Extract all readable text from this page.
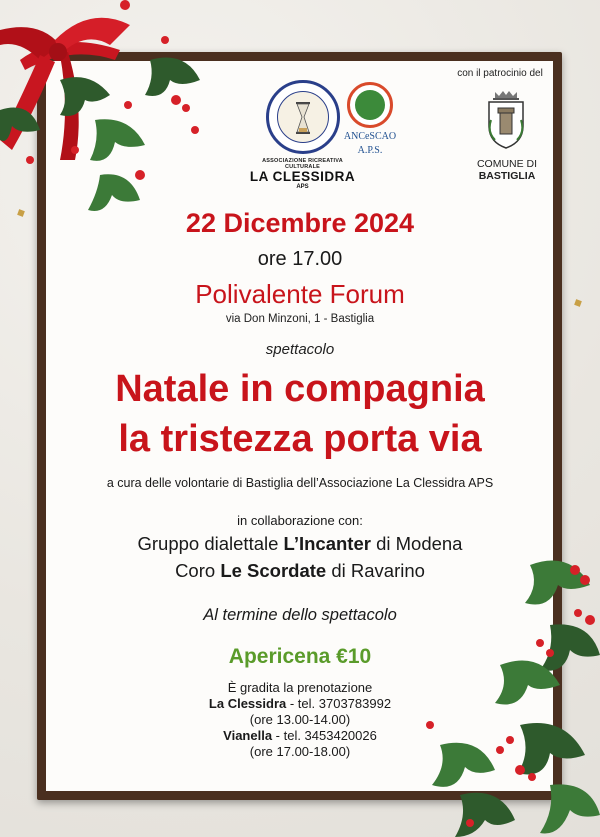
ASSOCIAZIONE RICREATIVA CULTURALE
LA CLESSIDRA
APS
ANCeSCAO
A.P.S.
con il patrocinio del
COMUNE DI
BASTIGLIA
22 Dicembre 2024
ore 17.00
Polivalente Forum
via Don Minzoni, 1 - Bastiglia
spettacolo
Natale in compagnia
la tristezza porta via
a cura delle volontarie di Bastiglia dell’Associazione La Clessidra APS
in collaborazione con:
Gruppo dialettale L’Incanter di Modena
Coro Le Scordate di Ravarino
Al termine dello spettacolo
Apericena €10
È gradita la prenotazione
La Clessidra - tel. 3703783992
(ore 13.00-14.00)
Vianella - tel. 3453420026
(ore 17.00-18.00)
